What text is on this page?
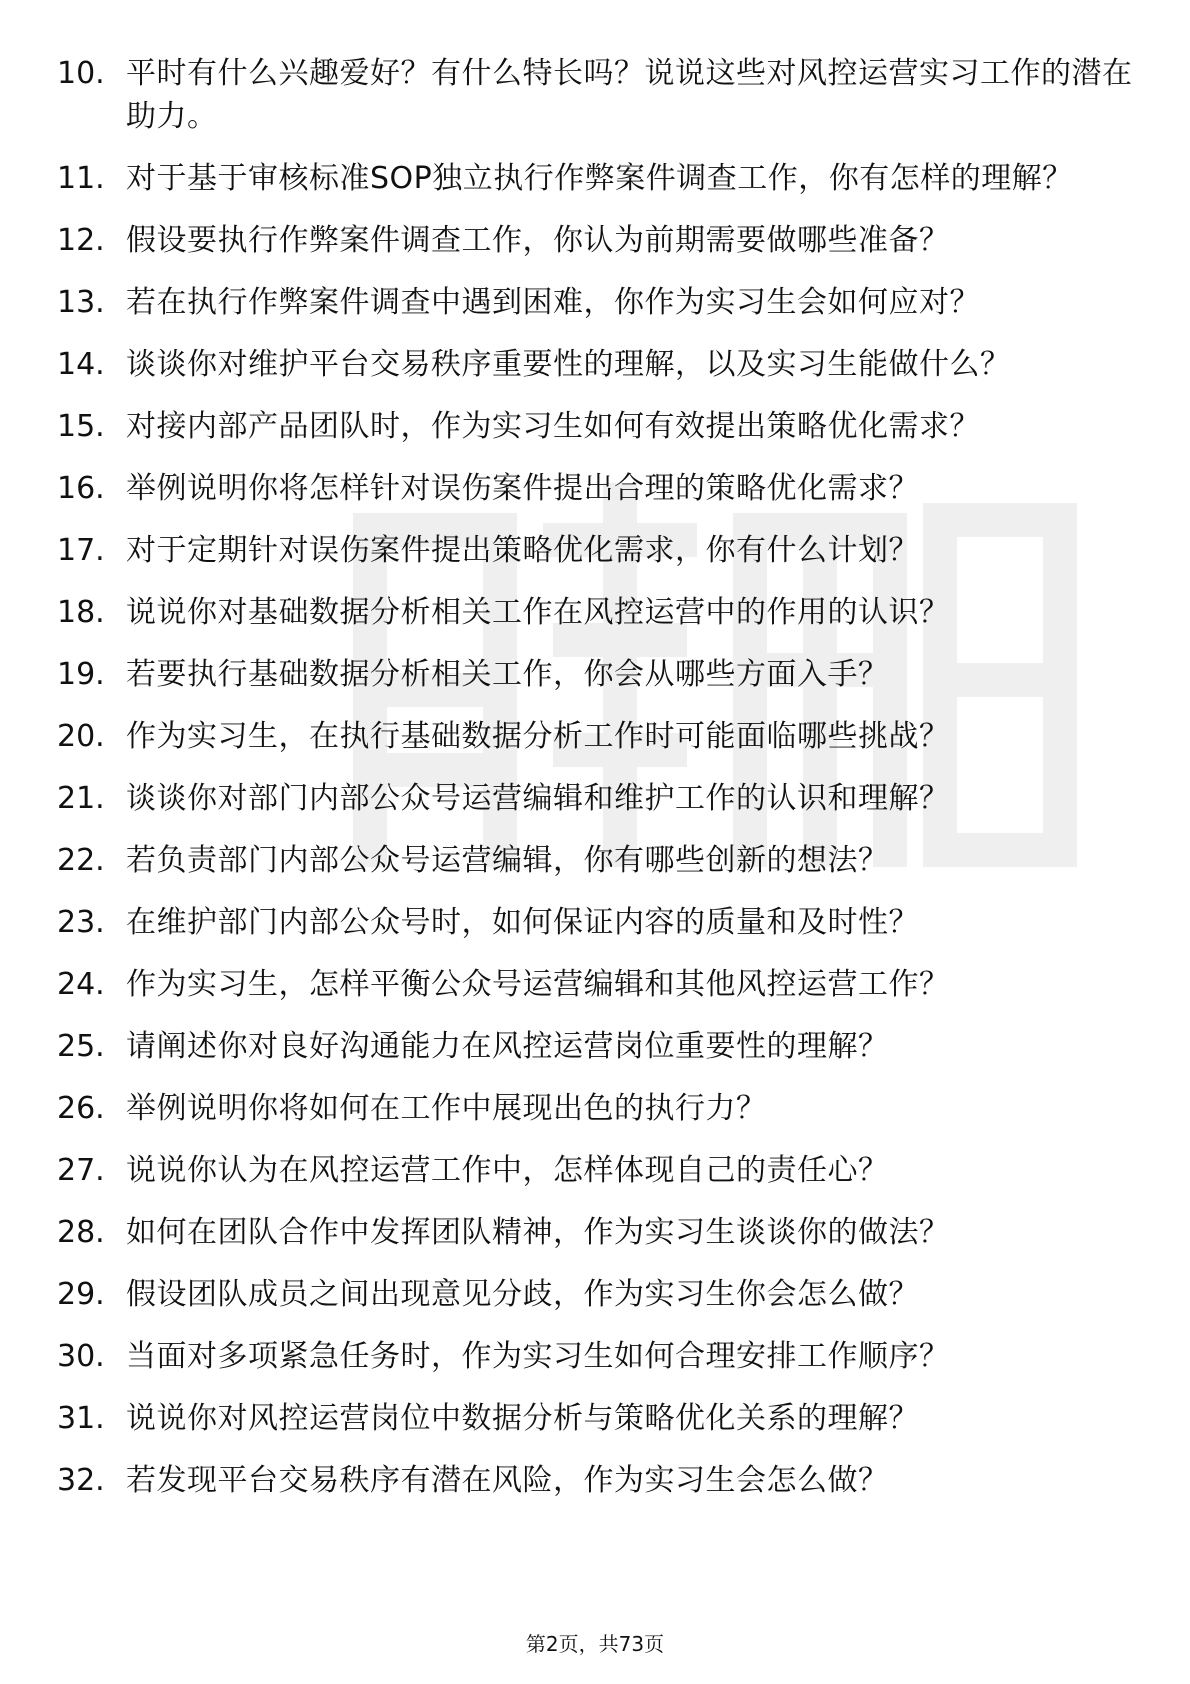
10. 平时有什么兴趣爱好？有什么特长吗？说说这些对风控运营实习工作的潜在助力。
11. 对于基于审核标准SOP独立执行作弊案件调查工作，你有怎样的理解？
12. 假设要执行作弊案件调查工作，你认为前期需要做哪些准备？
13. 若在执行作弊案件调查中遇到困难，你作为实习生会如何应对？
14. 谈谈你对维护平台交易秩序重要性的理解，以及实习生能做什么？
15. 对接内部产品团队时，作为实习生如何有效提出策略优化需求？
16. 举例说明你将怎样针对误伤案件提出合理的策略优化需求？
17. 对于定期针对误伤案件提出策略优化需求，你有什么计划？
18. 说说你对基础数据分析相关工作在风控运营中的作用的认识？
19. 若要执行基础数据分析相关工作，你会从哪些方面入手？
20. 作为实习生，在执行基础数据分析工作时可能面临哪些挑战？
21. 谈谈你对部门内部公众号运营编辑和维护工作的认识和理解？
22. 若负责部门内部公众号运营编辑，你有哪些创新的想法？
23. 在维护部门内部公众号时，如何保证内容的质量和及时性？
24. 作为实习生，怎样平衡公众号运营编辑和其他风控运营工作？
25. 请阐述你对良好沟通能力在风控运营岗位重要性的理解？
26. 举例说明你将如何在工作中展现出色的执行力？
27. 说说你认为在风控运营工作中，怎样体现自己的责任心？
28. 如何在团队合作中发挥团队精神，作为实习生谈谈你的做法？
29. 假设团队成员之间出现意见分歧，作为实习生你会怎么做？
30. 当面对多项紧急任务时，作为实习生如何合理安排工作顺序？
31. 说说你对风控运营岗位中数据分析与策略优化关系的理解？
32. 若发现平台交易秩序有潜在风险，作为实习生会怎么做？
第2页，共73页
